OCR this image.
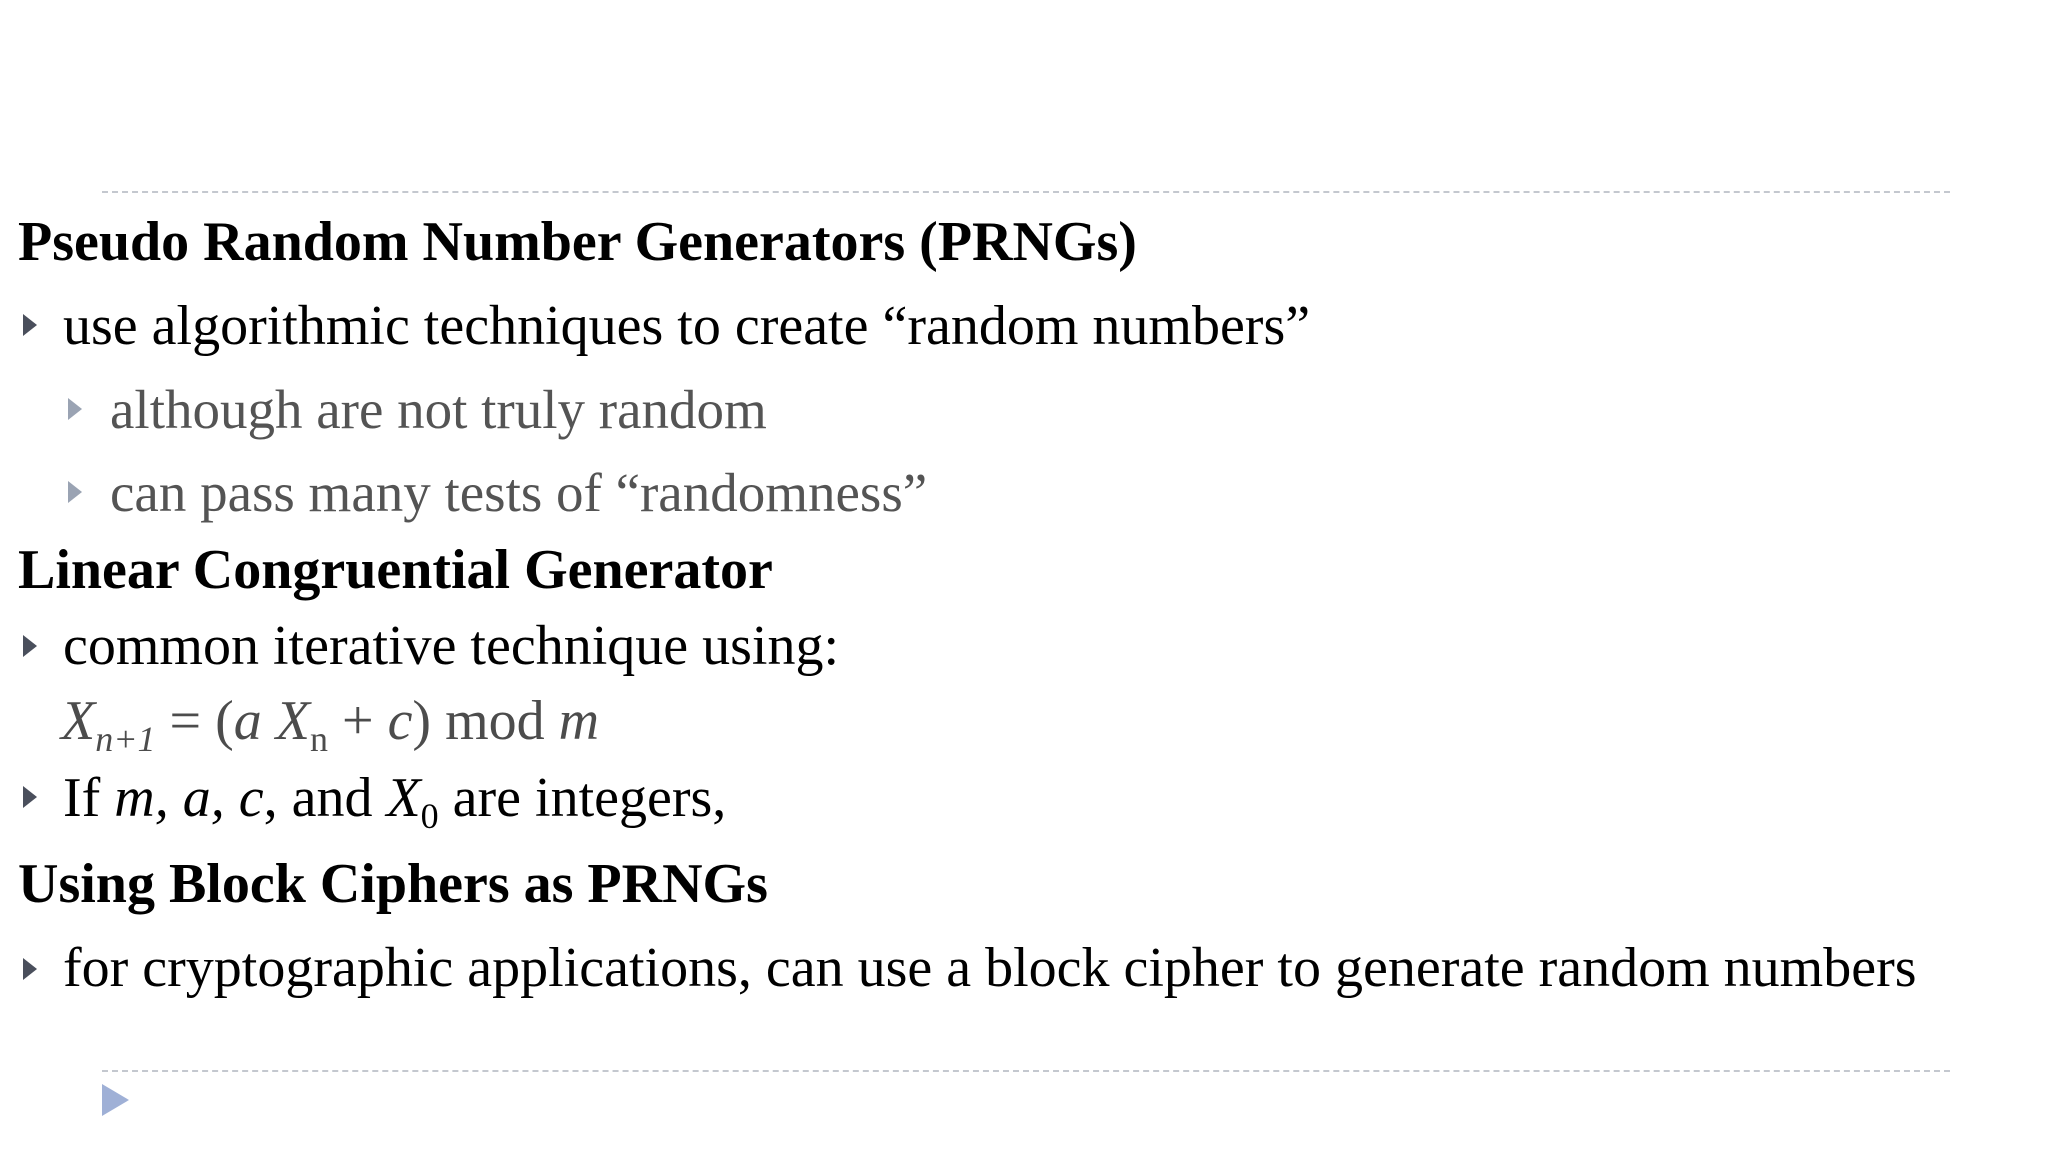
Pseudo Random Number Generators (PRNGs)
use algorithmic techniques to create “random numbers”
although are not truly random
can pass many tests of “randomness”
Linear Congruential Generator
common iterative technique using:
$X_{n+1} = (a$ $X_n + c$) mod m
If m, a, c, and $X_0$ are integers,
Using Block Ciphers as PRNGs
for cryptographic applications, can use a block cipher to generate random numbers
